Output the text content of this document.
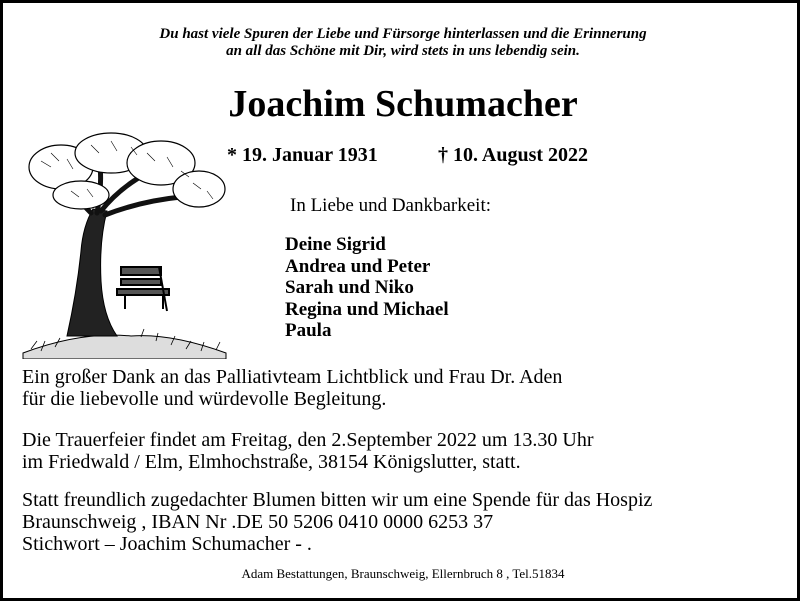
Du hast viele Spuren der Liebe und Fürsorge hinterlassen und die Erinnerung
an all das Schöne mit Dir, wird stets in uns lebendig sein.
Joachim Schumacher
* 19. Januar 1931	† 10. August 2022
In Liebe und Dankbarkeit:
Deine Sigrid
Andrea und Peter
Sarah und Niko
Regina und Michael
Paula
Ein großer Dank an das Palliativteam Lichtblick und Frau Dr. Aden
für die liebevolle und würdevolle Begleitung.
Die Trauerfeier findet am Freitag, den 2.September 2022 um 13.30 Uhr
im Friedwald / Elm, Elmhochstraße, 38154 Königslutter, statt.
Statt freundlich zugedachter Blumen bitten wir um eine Spende für das Hospiz
Braunschweig , IBAN Nr .DE 50 5206 0410 0000 6253 37
Stichwort – Joachim Schumacher - .
Adam Bestattungen, Braunschweig, Ellernbruch 8 , Tel.51834
